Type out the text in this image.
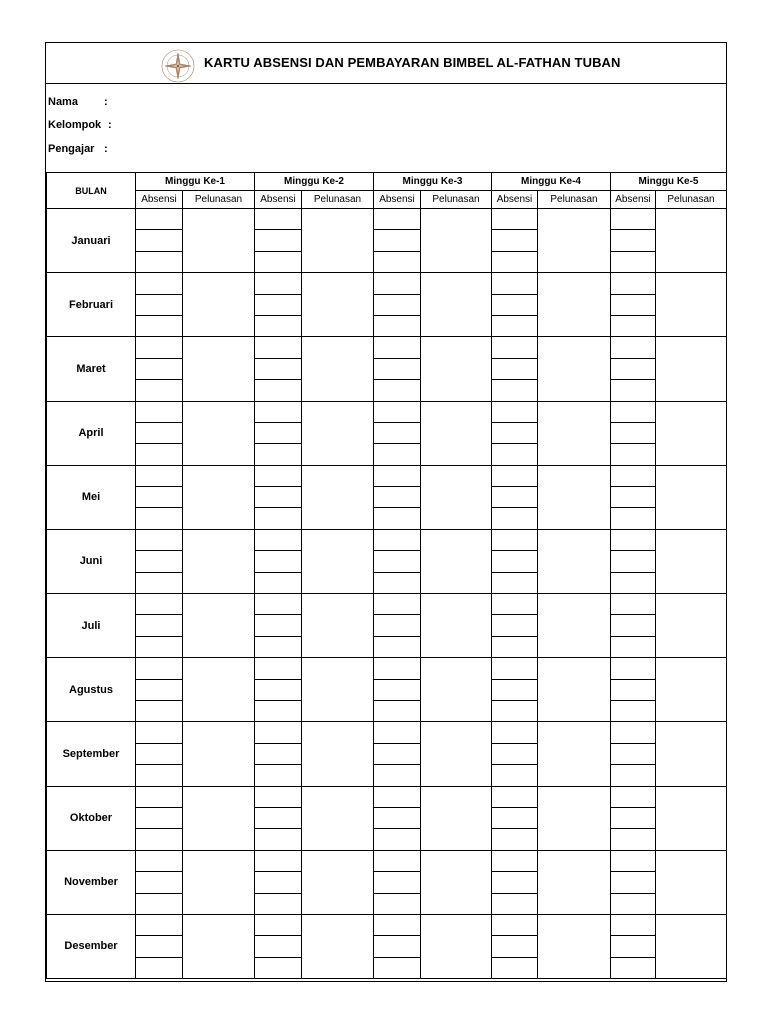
KARTU ABSENSI DAN PEMBAYARAN BIMBEL AL-FATHAN TUBAN
Nama :
Kelompok :
Pengajar :
BULAN	Minggu Ke-1		Minggu Ke-2		Minggu Ke-3		Minggu Ke-4		Minggu Ke-5	
	Absensi	Pelunasan	Absensi	Pelunasan	Absensi	Pelunasan	Absensi	Pelunasan	Absensi	Pelunasan
Januari										

Februari										

Maret										

April										

Mei										

Juni										

Juli										

Agustus										

September										

Oktober										

November										

Desember										
